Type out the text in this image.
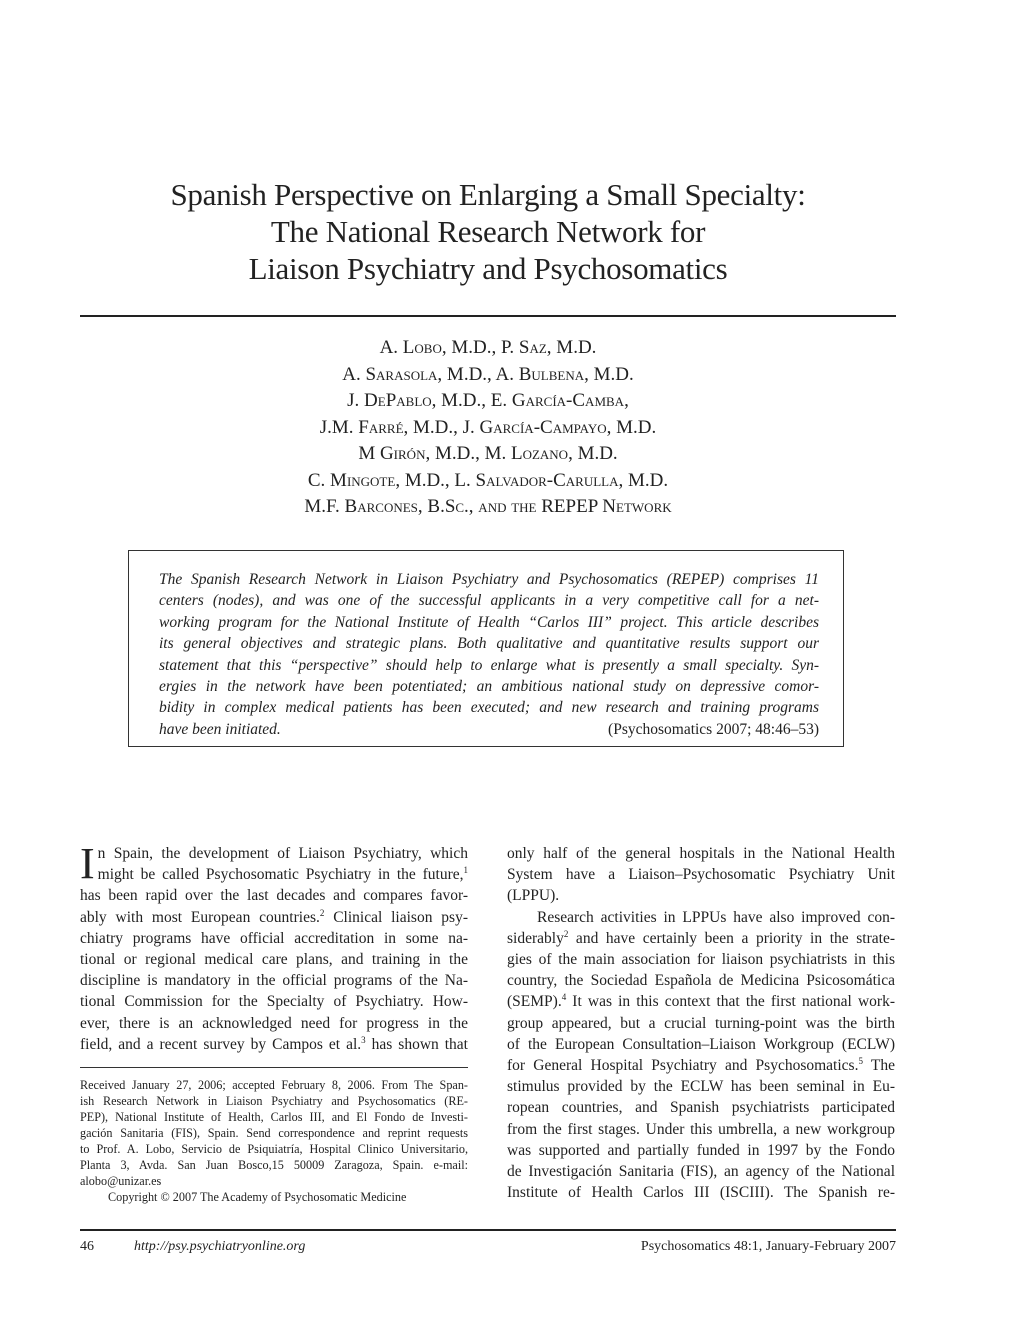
Spanish Perspective on Enlarging a Small Specialty:
The National Research Network for
Liaison Psychiatry and Psychosomatics
A. Lobo, M.D., P. Saz, M.D.
A. Sarasola, M.D., A. Bulbena, M.D.
J. DePablo, M.D., E. García-Camba,
J.M. Farré, M.D., J. García-Campayo, M.D.
M Girón, M.D., M. Lozano, M.D.
C. Mingote, M.D., L. Salvador-Carulla, M.D.
M.F. Barcones, B.Sc., and the REPEP Network
The Spanish Research Network in Liaison Psychiatry and Psychosomatics (REPEP) comprises 11
centers (nodes), and was one of the successful applicants in a very competitive call for a net-
working program for the National Institute of Health “Carlos III” project. This article describes
its general objectives and strategic plans. Both qualitative and quantitative results support our
statement that this “perspective” should help to enlarge what is presently a small specialty. Syn-
ergies in the network have been potentiated; an ambitious national study on depressive comor-
bidity in complex medical patients has been executed; and new research and training programs
have been initiated.	(Psychosomatics 2007; 48:46–53)
I n Spain, the development of Liaison Psychiatry, which
might be called Psychosomatic Psychiatry in the future,$^1$
has been rapid over the last decades and compares favor-
ably with most European countries.$^2$ Clinical liaison psy-
chiatry programs have official accreditation in some na-
tional or regional medical care plans, and training in the
discipline is mandatory in the official programs of the Na-
tional Commission for the Specialty of Psychiatry. How-
ever, there is an acknowledged need for progress in the
field, and a recent survey by Campos et al.$^3$ has shown that
Received January 27, 2006; accepted February 8, 2006. From The Span-
ish Research Network in Liaison Psychiatry and Psychosomatics (RE-
PEP), National Institute of Health, Carlos III, and El Fondo de Investi-
gación Sanitaria (FIS), Spain. Send correspondence and reprint requests
to Prof. A. Lobo, Servicio de Psiquiatría, Hospital Clinico Universitario,
Planta 3, Avda. San Juan Bosco,15 50009 Zaragoza, Spain. e-mail:
alobo@unizar.es
Copyright © 2007 The Academy of Psychosomatic Medicine
only half of the general hospitals in the National Health
System have a Liaison–Psychosomatic Psychiatry Unit
(LPPU).
Research activities in LPPUs have also improved con-
siderably$^2$ and have certainly been a priority in the strate-
gies of the main association for liaison psychiatrists in this
country, the Sociedad Española de Medicina Psicosomática
(SEMP).$^4$ It was in this context that the first national work-
group appeared, but a crucial turning-point was the birth
of the European Consultation–Liaison Workgroup (ECLW)
for General Hospital Psychiatry and Psychosomatics.$^5$ The
stimulus provided by the ECLW has been seminal in Eu-
ropean countries, and Spanish psychiatrists participated
from the first stages. Under this umbrella, a new workgroup
was supported and partially funded in 1997 by the Fondo
de Investigación Sanitaria (FIS), an agency of the National
Institute of Health Carlos III (ISCIII). The Spanish re-
46	http://psy.psychiatryonline.org	Psychosomatics 48:1, January-February 2007
